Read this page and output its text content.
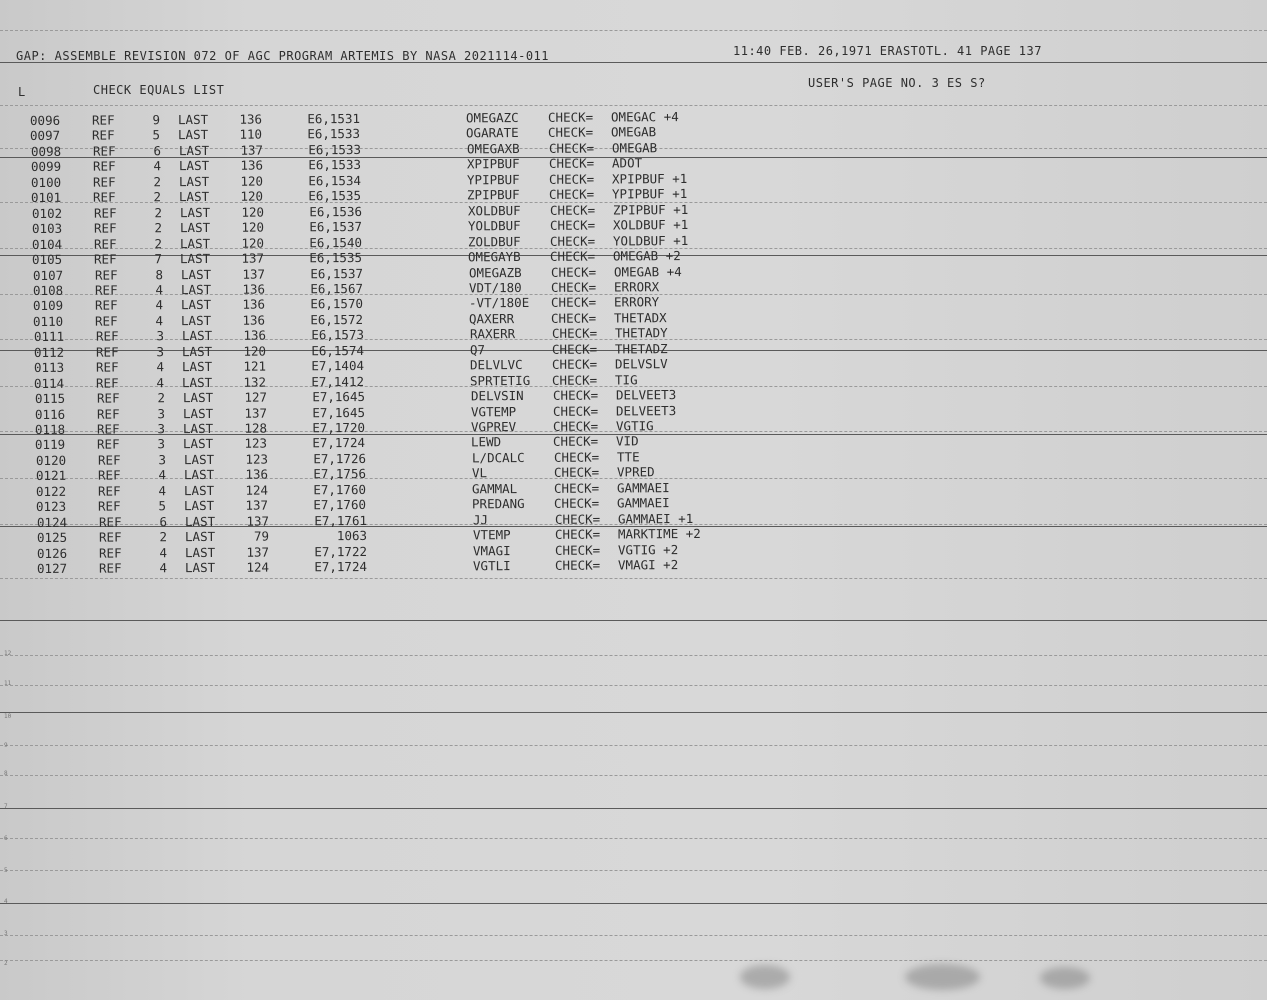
12
11
10
9
8
7
6
5
4
3
2
GAP: ASSEMBLE REVISION 072 OF AGC PROGRAM ARTEMIS BY NASA 2021114-011	11:40 FEB. 26,1971 ERASTOTL. 41 PAGE 137
L	CHECK EQUALS LIST	USER'S PAGE NO. 3 ES S?
0096	REF	9 LAST	136	E6,1531	OMEGAZC CHECK= OMEGAC +4
0097	REF	5 LAST	110	E6,1533	OGARATE CHECK= OMEGAB
0098	REF	6 LAST	137	E6,1533	OMEGAXB CHECK= OMEGAB
0099	REF	4 LAST	136	E6,1533	XPIPBUF CHECK= ADOT
0100	REF	2 LAST	120	E6,1534	YPIPBUF CHECK= XPIPBUF +1
0101	REF	2 LAST	120	E6,1535	ZPIPBUF CHECK= YPIPBUF +1
0102	REF	2 LAST	120	E6,1536	XOLDBUF CHECK= ZPIPBUF +1
0103	REF	2 LAST	120	E6,1537	YOLDBUF CHECK= XOLDBUF +1
0104	REF	2 LAST	120	E6,1540	ZOLDBUF CHECK= YOLDBUF +1
0105	REF	7 LAST	137	E6,1535	OMEGAYB CHECK= OMEGAB +2
0107	REF	8 LAST	137	E6,1537	OMEGAZB CHECK= OMEGAB +4
0108	REF	4 LAST	136	E6,1567	VDT/180 CHECK= ERRORX
0109	REF	4 LAST	136	E6,1570	-VT/180E CHECK= ERRORY
0110	REF	4 LAST	136	E6,1572	QAXERR	CHECK= THETADX
0111	REF	3 LAST	136	E6,1573	RAXERR	CHECK= THETADY
0112	REF	3 LAST	120	E6,1574	Q7	CHECK= THETADZ
0113	REF	4 LAST	121	E7,1404	DELVLVC CHECK= DELVSLV
0114	REF	4 LAST	132	E7,1412	SPRTETIG CHECK= TIG
0115	REF	2 LAST	127	E7,1645	DELVSIN CHECK= DELVEET3
0116	REF	3 LAST	137	E7,1645	VGTEMP	CHECK= DELVEET3
0118	REF	3 LAST	128	E7,1720	VGPREV	CHECK= VGTIG
0119	REF	3 LAST	123	E7,1724	LEWD	CHECK= VID
0120	REF	3 LAST	123	E7,1726	L/DCALC CHECK= TTE
0121	REF	4 LAST	136	E7,1756	VL	CHECK= VPRED
0122	REF	4 LAST	124	E7,1760	GAMMAL	CHECK= GAMMAEI
0123	REF	5 LAST	137	E7,1760	PREDANG CHECK= GAMMAEI
0124	REF	6 LAST	137	E7,1761	JJ	CHECK= GAMMAEI +1
0125	REF	2 LAST	79	1063	VTEMP	CHECK= MARKTIME +2
0126	REF	4 LAST	137	E7,1722	VMAGI	CHECK= VGTIG +2
0127	REF	4 LAST	124	E7,1724	VGTLI	CHECK= VMAGI +2
